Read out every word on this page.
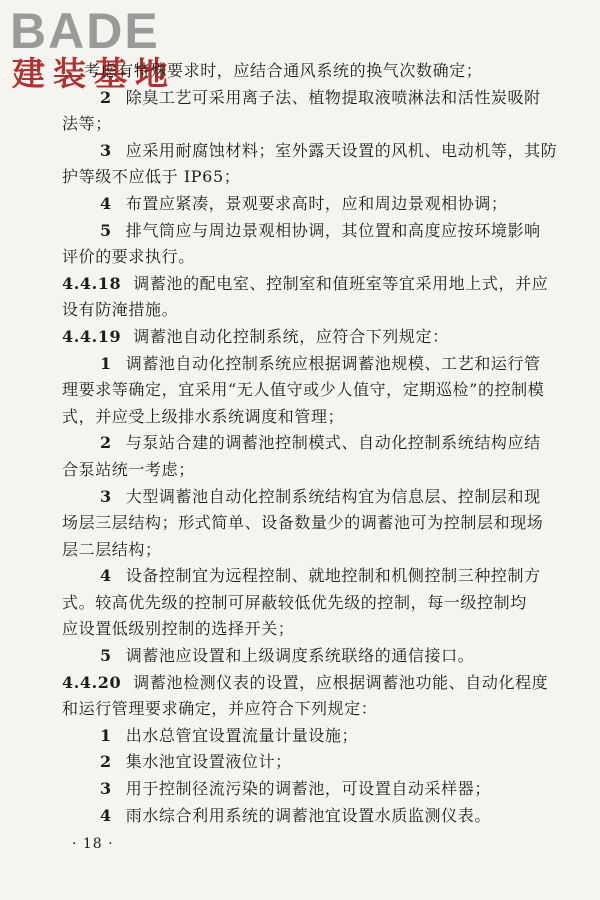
BADE
建装基地
考虑有特殊要求时，应结合通风系统的换气次数确定；
2 除臭工艺可采用离子法、植物提取液喷淋法和活性炭吸附
法等；
3 应采用耐腐蚀材料；室外露天设置的风机、电动机等，其防
护等级不应低于 IP65；
4 布置应紧凑，景观要求高时，应和周边景观相协调；
5 排气筒应与周边景观相协调，其位置和高度应按环境影响
评价的要求执行。
4.4.18 调蓄池的配电室、控制室和值班室等宜采用地上式，并应
设有防淹措施。
4.4.19 调蓄池自动化控制系统，应符合下列规定：
1 调蓄池自动化控制系统应根据调蓄池规模、工艺和运行管
理要求等确定，宜采用“无人值守或少人值守，定期巡检”的控制模
式，并应受上级排水系统调度和管理；
2 与泵站合建的调蓄池控制模式、自动化控制系统结构应结
合泵站统一考虑；
3 大型调蓄池自动化控制系统结构宜为信息层、控制层和现
场层三层结构；形式简单、设备数量少的调蓄池可为控制层和现场
层二层结构；
4 设备控制宜为远程控制、就地控制和机侧控制三种控制方
式。较高优先级的控制可屏蔽较低优先级的控制，每一级控制均
应设置低级别控制的选择开关；
5 调蓄池应设置和上级调度系统联络的通信接口。
4.4.20 调蓄池检测仪表的设置，应根据调蓄池功能、自动化程度
和运行管理要求确定，并应符合下列规定：
1 出水总管宜设置流量计量设施；
2 集水池宜设置液位计；
3 用于控制径流污染的调蓄池，可设置自动采样器；
4 雨水综合利用系统的调蓄池宜设置水质监测仪表。
· 18 ·
